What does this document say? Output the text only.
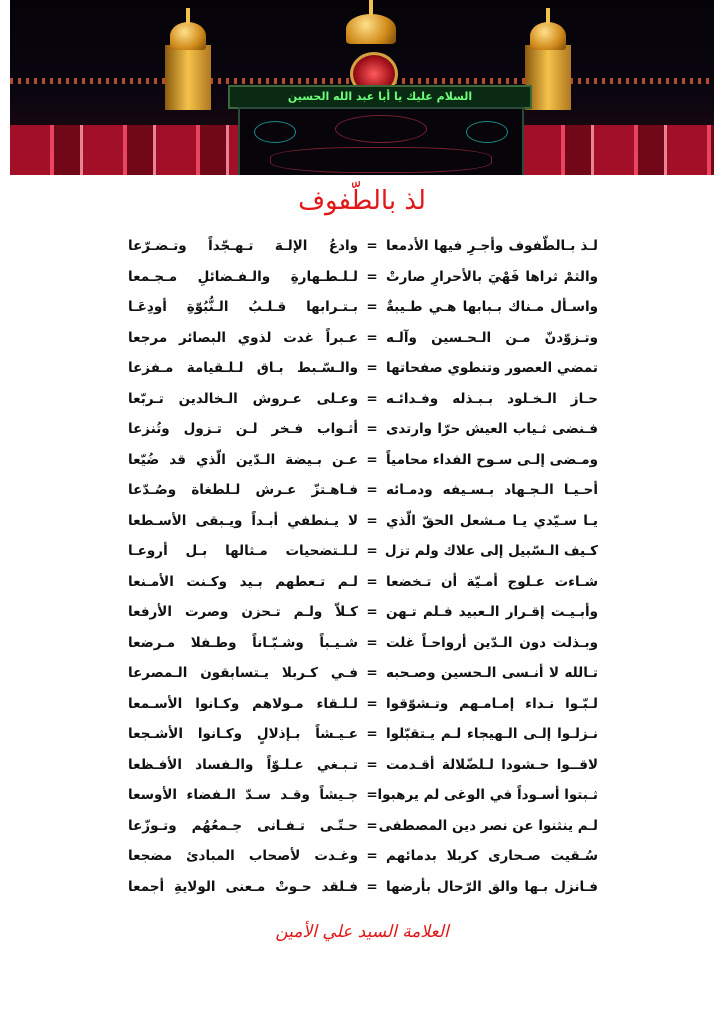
السلام عليك يا أبا عبد الله الحسين
لذ بالطّفوف
لـذ بـالطّفوف وأجـرِ فيها الأدمعا
=
وادعُ الإلـهَ تـهـجّداً وتـضـرّعا
والثمْ ثراها فَهْيَ بالأحرارِ صارتْ
=
لـلـطـهارةِ والـفـضائلِ مـجـمعا
واسـأل مـناك بـبابها هـي طـيبةٌ
=
بـتـرابها قـلـبُ الـنُّبُوّةِ أودِعَـا
وتـزوّدنّ مـن الـحـسين وآلـه
=
عـبراً غدت لذوي البصائر مرجعا
تمضي العصور وتنطوي صفحاتها
=
والـسّـبط بـاق لـلـقيامة مـفزعا
حـاز الـخـلود بـبـذله وفـدائـه
=
وعـلى عـروش الـخالدين تـربّعا
فـنضى ثـياب العيش حرّا وارتدى
=
أثـواب فـخر لـن تـزول وتُنزعا
ومـضى إلـى سـوح الفداء محامياً
=
عـن بـيضة الـدّين الّذي قد ضُيّعا
أحـيـا الـجـهاد بـسـيفه ودمـائه
=
فـاهـتزّ عـرش لـلطغاة وصُـدّعا
يـا سـيّدي يـا مـشعل الحقّ الّذي
=
لا يـنطفي أبـداً ويـبقى الأسـطعا
كـيف الـسّبيل إلى علاك ولم تزل
=
لـلـتضحيات مـثالها بـل أروعـا
شـاءت عـلوج أمـيّة أن تـخضعا
=
لـم تـعطهم بـيد وكـنت الأمـنعا
وأبـيـت إقـرار الـعبيد فـلم تـهن
=
كـلاّ ولـم تـحزن وصرت الأرفعا
وبـذلت دون الـدّين أرواحـاً غلت
=
شـيـباً وشـبّـاناً وطـفلا مـرضعا
تـالله لا أنـسى الـحسين وصـحبه
=
فـي كـربلا يـتسابقون الـمصرعا
لـبّـوا نـداء إمـامـهم وتـشوّقوا
=
لـلـقاء مـولاهم وكـانوا الأسـمعا
نـزلـوا إلـى الـهيجاء لـم يـتقبّلوا
=
عـيـشاً بـإذلالٍ وكـانوا الأشـجعا
لاقــوا حـشودا لـلضّلالة أقـدمت
=
تـبـغي عـلـوّاً والـفساد الأفـظعا
ثـبتوا أسـوداً في الوغى لم يرهبوا
=
جـيشاً وقـد سـدّ الـفضاء الأوسعا
لـم ينثنوا عن نصر دين المصطفى
=
حـتّـى تـفـانى جـمعُهُم وتـوزّعا
سُـقيت صـحارى كربلا بدمائهم
=
وغـدت لأصحاب المبادئ مضجعا
فـانزل بـها والق الرّحال بأرضها
=
فـلقد حـوتْ مـعنى الولايةِ أجمعا
العلامة السيد علي الأمين
